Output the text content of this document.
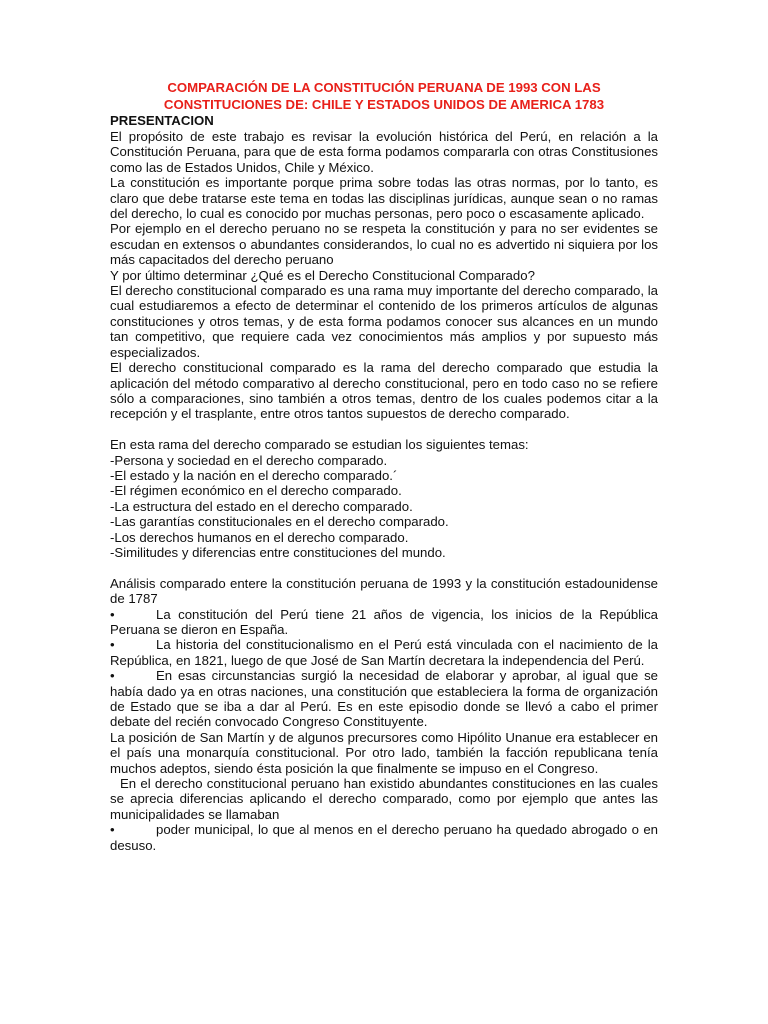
COMPARACIÓN DE LA CONSTITUCIÓN PERUANA DE 1993 CON LAS

CONSTITUCIONES DE: CHILE Y ESTADOS UNIDOS DE AMERICA 1783

PRESENTACION

El propósito de este trabajo es revisar la evolución histórica del Perú, en relación a la Constitución Peruana, para que de esta forma podamos compararla con otras Constitusiones como las de Estados Unidos, Chile y México.

La constitución es importante porque prima sobre todas las otras normas, por lo tanto, es claro que debe tratarse este tema en todas las disciplinas jurídicas, aunque sean o no ramas del derecho, lo cual es conocido por muchas personas, pero poco o escasamente aplicado.

Por ejemplo en el derecho peruano no se respeta la constitución y para no ser evidentes se escudan en extensos o abundantes considerandos, lo cual no es advertido ni siquiera por los más capacitados del derecho peruano

Y por último determinar ¿Qué es el Derecho Constitucional Comparado?

El derecho constitucional comparado es una rama muy importante del derecho comparado, la cual estudiaremos a efecto de determinar el contenido de los primeros artículos de algunas constituciones y otros temas, y de esta forma podamos conocer sus alcances en un mundo tan competitivo, que requiere cada vez conocimientos más amplios y por supuesto más especializados.

El derecho constitucional comparado es la rama del derecho comparado que estudia la aplicación del método comparativo al derecho constitucional, pero en todo caso no se refiere sólo a comparaciones, sino también a otros temas, dentro de los cuales podemos citar a la recepción y el trasplante, entre otros tantos supuestos de derecho comparado.

En esta rama del derecho comparado se estudian los siguientes temas:

-Persona y sociedad en el derecho comparado.

-El estado y la nación en el derecho comparado.´

-El régimen económico en el derecho comparado.

-La estructura del estado en el derecho comparado.

-Las garantías constitucionales en el derecho comparado.

-Los derechos humanos en el derecho comparado.

-Similitudes y diferencias entre constituciones del mundo.

Análisis comparado entere la constitución peruana de 1993 y la constitución estadounidense de 1787

•	La constitución del Perú tiene 21 años de vigencia, los inicios de la República Peruana se dieron en España.

•	La historia del constitucionalismo en el Perú está vinculada con el nacimiento de la República, en 1821, luego de que José de San Martín decretara la independencia del Perú.

•	En esas circunstancias surgió la necesidad de elaborar y aprobar, al igual que se había dado ya en otras naciones, una constitución que estableciera la forma de organización de Estado que se iba a dar al Perú. Es en este episodio donde se llevó a cabo el primer debate del recién convocado Congreso Constituyente.

La posición de San Martín y de algunos precursores como Hipólito Unanue era establecer en el país una monarquía constitucional. Por otro lado, también la facción republicana tenía muchos adeptos, siendo ésta posición la que finalmente se impuso en el Congreso.

En el derecho constitucional peruano han existido abundantes constituciones en las cuales se aprecia diferencias aplicando el derecho comparado, como por ejemplo que antes las municipalidades se llamaban

•	poder municipal, lo que al menos en el derecho peruano ha quedado abrogado o en desuso.
